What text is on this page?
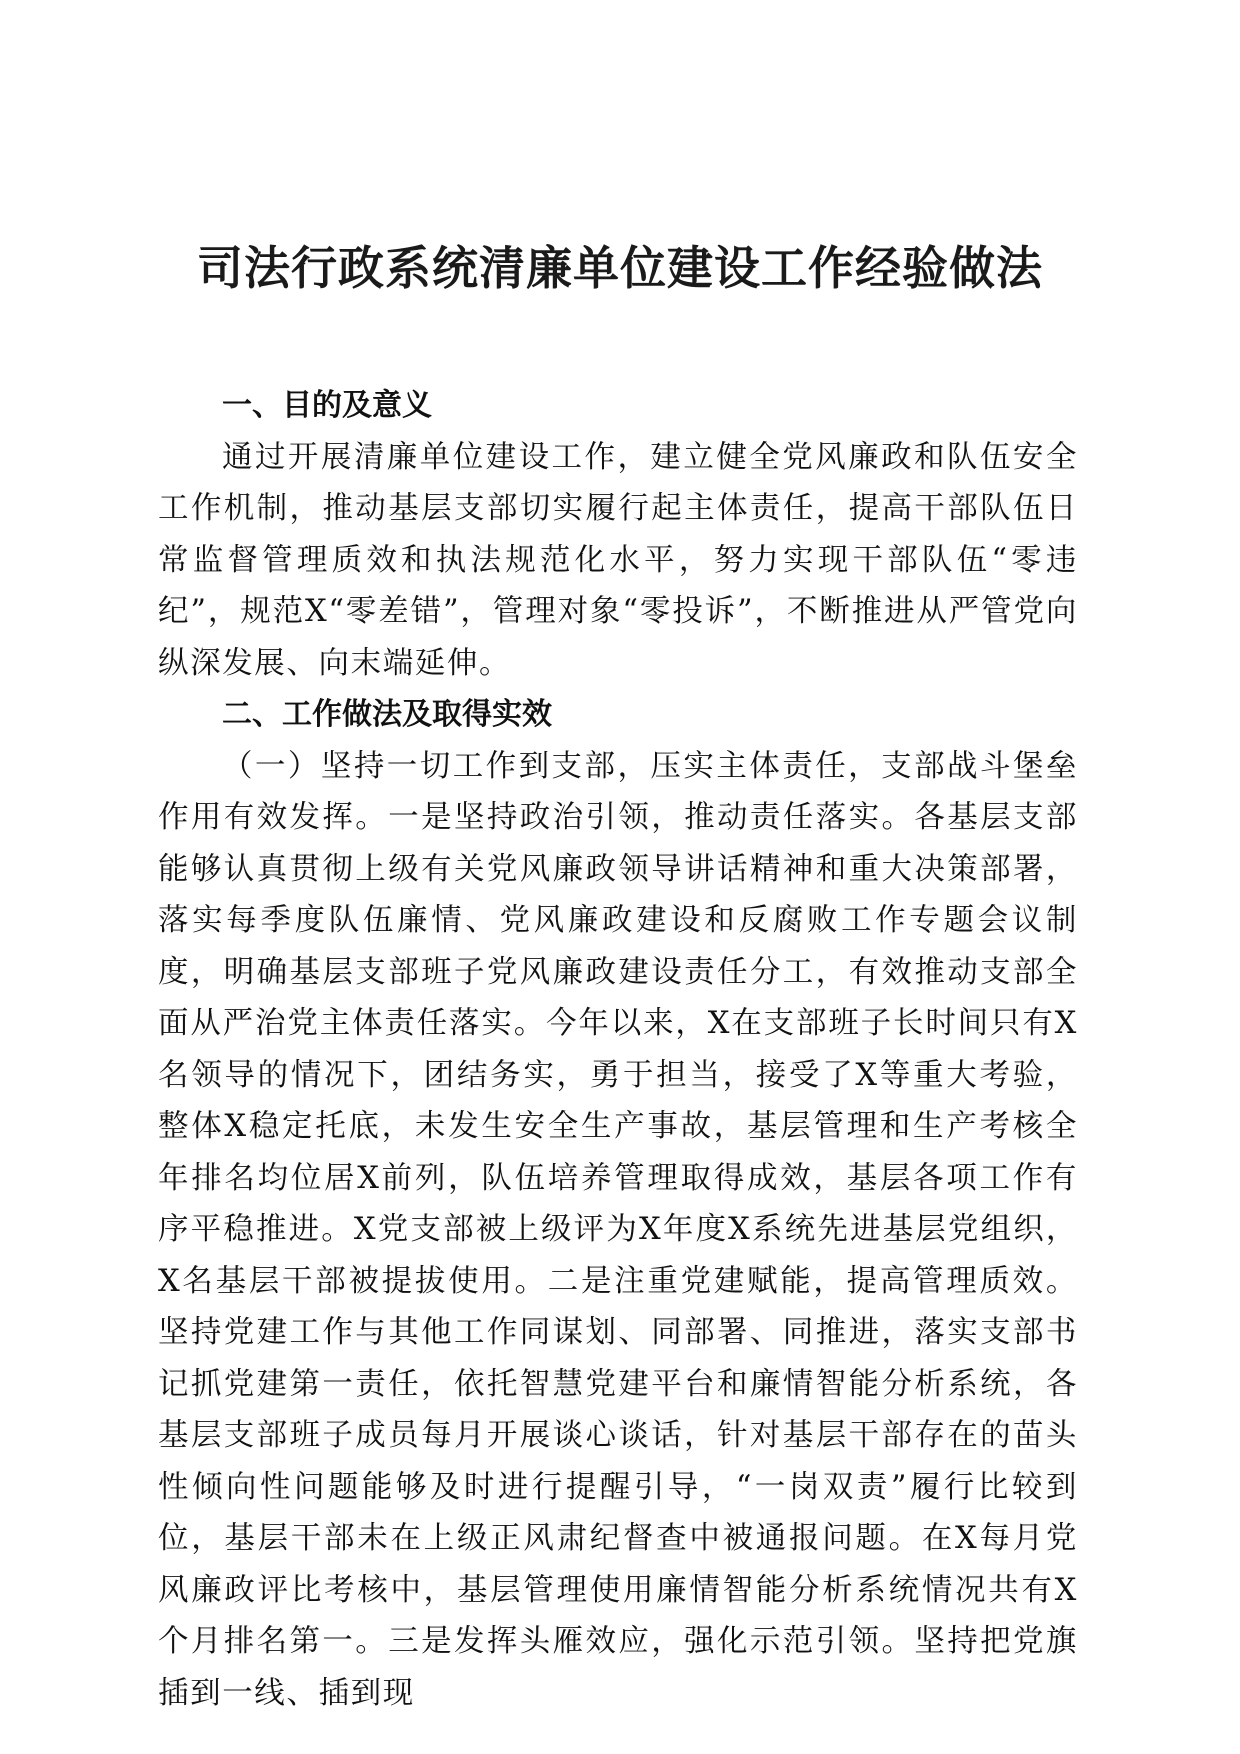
司法行政系统清廉单位建设工作经验做法
一、目的及意义

通过开展清廉单位建设工作，建立健全党风廉政和队伍安全工作机制，推动基层支部切实履行起主体责任，提高干部队伍日常监督管理质效和执法规范化水平，努力实现干部队伍“零违纪”，规范X“零差错”，管理对象“零投诉”，不断推进从严管党向纵深发展、向末端延伸。

二、工作做法及取得实效

（一）坚持一切工作到支部，压实主体责任，支部战斗堡垒作用有效发挥。一是坚持政治引领，推动责任落实。各基层支部能够认真贯彻上级有关党风廉政领导讲话精神和重大决策部署，落实每季度队伍廉情、党风廉政建设和反腐败工作专题会议制度，明确基层支部班子党风廉政建设责任分工，有效推动支部全面从严治党主体责任落实。今年以来，X在支部班子长时间只有X名领导的情况下，团结务实，勇于担当，接受了X等重大考验，整体X稳定托底，未发生安全生产事故，基层管理和生产考核全年排名均位居X前列，队伍培养管理取得成效，基层各项工作有序平稳推进。X党支部被上级评为X年度X系统先进基层党组织，X名基层干部被提拔使用。二是注重党建赋能，提高管理质效。坚持党建工作与其他工作同谋划、同部署、同推进，落实支部书记抓党建第一责任，依托智慧党建平台和廉情智能分析系统，各基层支部班子成员每月开展谈心谈话，针对基层干部存在的苗头性倾向性问题能够及时进行提醒引导，“一岗双责”履行比较到位，基层干部未在上级正风肃纪督查中被通报问题。在X每月党风廉政评比考核中，基层管理使用廉情智能分析系统情况共有X个月排名第一。三是发挥头雁效应，强化示范引领。坚持把党旗插到一线、插到现
